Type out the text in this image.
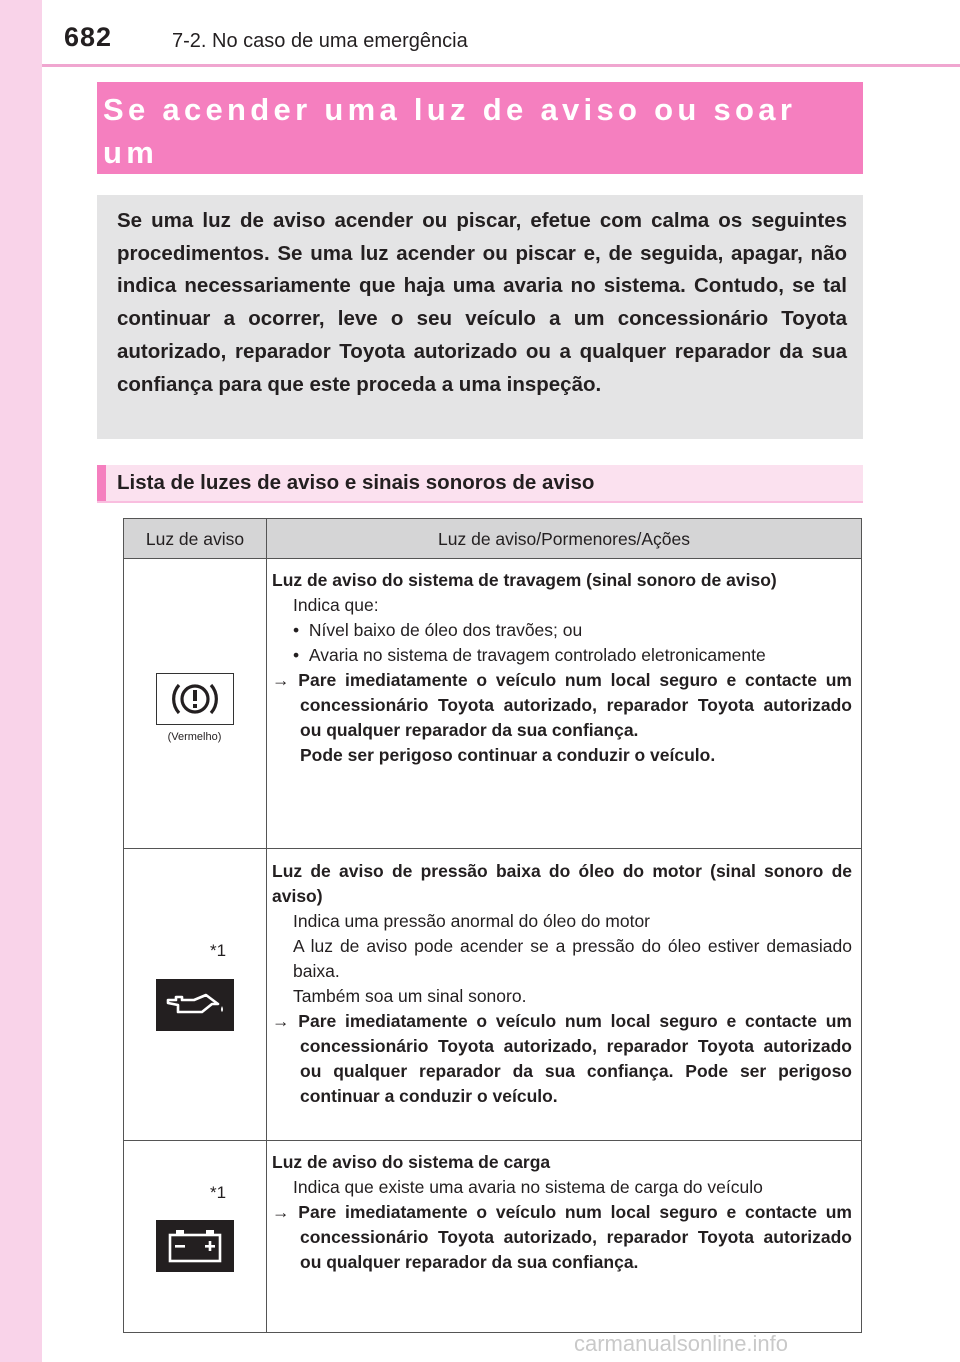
682	7-2. No caso de uma emergência
Se acender uma luz de aviso ou soar um
Se uma luz de aviso acender ou piscar, efetue com calma os seguintes procedimentos. Se uma luz acender ou piscar e, de seguida, apagar, não indica necessariamente que haja uma avaria no sistema. Contudo, se tal continuar a ocorrer, leve o seu veículo a um concessionário Toyota autorizado, reparador Toyota autorizado ou a qualquer reparador da sua confiança para que este proceda a uma inspeção.
Lista de luzes de aviso e sinais sonoros de aviso
Luz de aviso	Luz de aviso/Pormenores/Ações
(Vermelho)
Luz de aviso do sistema de travagem (sinal sonoro de aviso)
Indica que:
•  Nível baixo de óleo dos travões; ou
•  Avaria no sistema de travagem controlado eletronicamente
→ Pare imediatamente o veículo num local seguro e contacte um concessionário Toyota autorizado, reparador Toyota autorizado ou qualquer reparador da sua confiança.
Pode ser perigoso continuar a conduzir o veículo.
*1
Luz de aviso de pressão baixa do óleo do motor (sinal sonoro de aviso)
Indica uma pressão anormal do óleo do motor
A luz de aviso pode acender se a pressão do óleo estiver demasiado baixa.
Também soa um sinal sonoro.
→ Pare imediatamente o veículo num local seguro e contacte um concessionário Toyota autorizado, reparador Toyota autorizado ou qualquer reparador da sua confiança. Pode ser perigoso continuar a conduzir o veículo.
*1
Luz de aviso do sistema de carga
Indica que existe uma avaria no sistema de carga do veículo
→ Pare imediatamente o veículo num local seguro e contacte um concessionário Toyota autorizado, reparador Toyota autorizado ou qualquer reparador da sua confiança.
carmanualsonline.info
